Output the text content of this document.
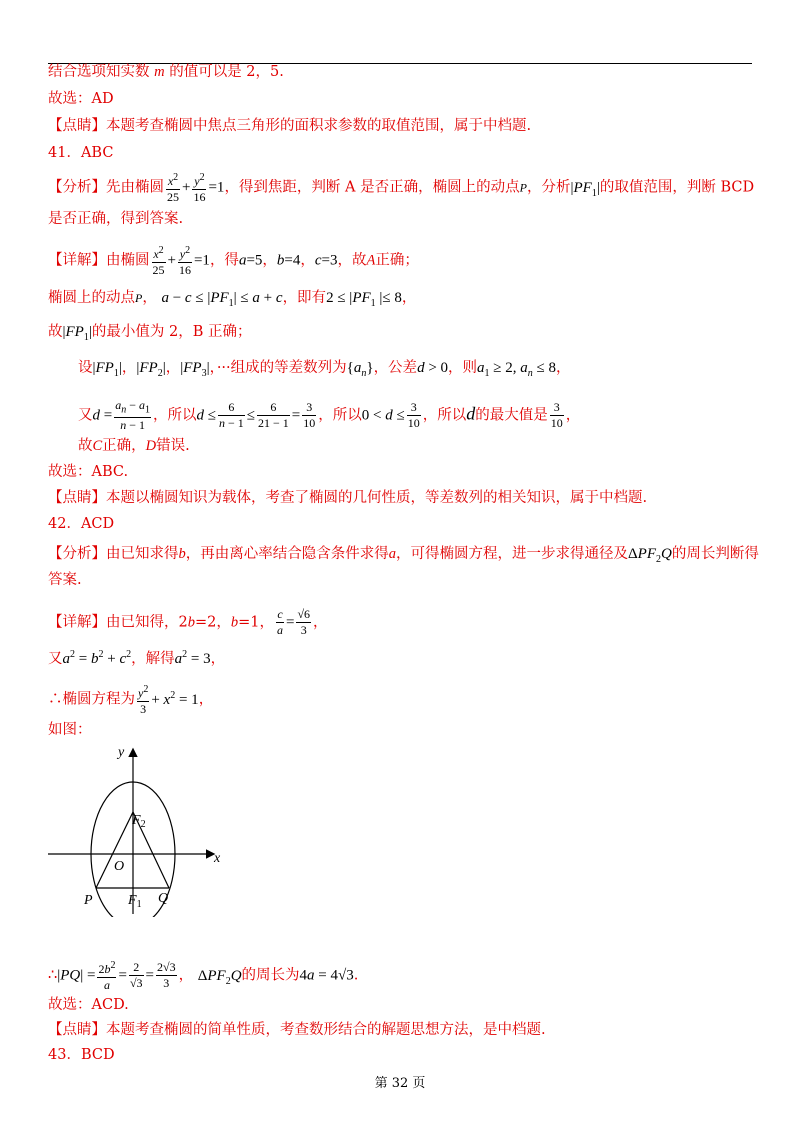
结合选项知实数 m 的值可以是 2，5.
故选：AD
【点睛】本题考查椭圆中焦点三角形的面积求参数的取值范围，属于中档题.
41．ABC
【分析】先由椭圆 $\frac{x^2}{25} + \frac{y^2}{16} =1$，得到焦距，判断 A 是否正确，椭圆上的动点P，分析$|PF_1|$的取值范围，判断 BCD
是否正确，得到答案.
【详解】由椭圆 $\frac{x^2}{25} + \frac{y^2}{16} =1$，得a=5，b=4，c=3，故A正确；
椭圆上的动点P， $a - c \le |PF_1| \le a + c$，即有$2 \le |PF_1$ |≤ 8，
故$|FP_1|$的最小值为 2，B 正确；
设$|FP_1|$，$|FP_2|$，$|FP_3|$，···组成的等差数列为$\{a_n\}$，公差d > 0，则$a_1 \ge 2$, $a_n \le 8$，
又$d = \frac{a_n - a_1}{n - 1}$ ，所以$d \le \frac{6}{n - 1} \le \frac{6}{21 - 1} = \frac{3}{10}$ ，所以$0 < d \le \frac{3}{10}$ ，所以d的最大值是 $\frac{3}{10}$ ，
故C正确，D错误.
故选：ABC.
【点睛】本题以椭圆知识为载体，考查了椭圆的几何性质，等差数列的相关知识，属于中档题.
42．ACD
【分析】由已知求得b，再由离心率结合隐含条件求得a，可得椭圆方程，进一步求得通径及$\Delta PF_2Q$的周长判断得
答案.
【详解】由已知得，2b=2，b=1， $\frac{c}{a} = \frac{√6}{3}$ ，
又$a^2 = b^2 + c^2$，解得$a^2 = 3$，
∴椭圆方程为 $\frac{y^2}{3} + x^2 = 1$，
如图：
y
x
$F_2$
O
$F_1$
P	Q
∴|PQ| = $\frac{2b^2}{a} = \frac{2}{√3} = \frac{2√3}{3}$ ， $\Delta PF_2Q$的周长为4a = 4√3.
故选：ACD.
【点睛】本题考查椭圆的简单性质，考查数形结合的解题思想方法，是中档题.
43．BCD
第 32 页
